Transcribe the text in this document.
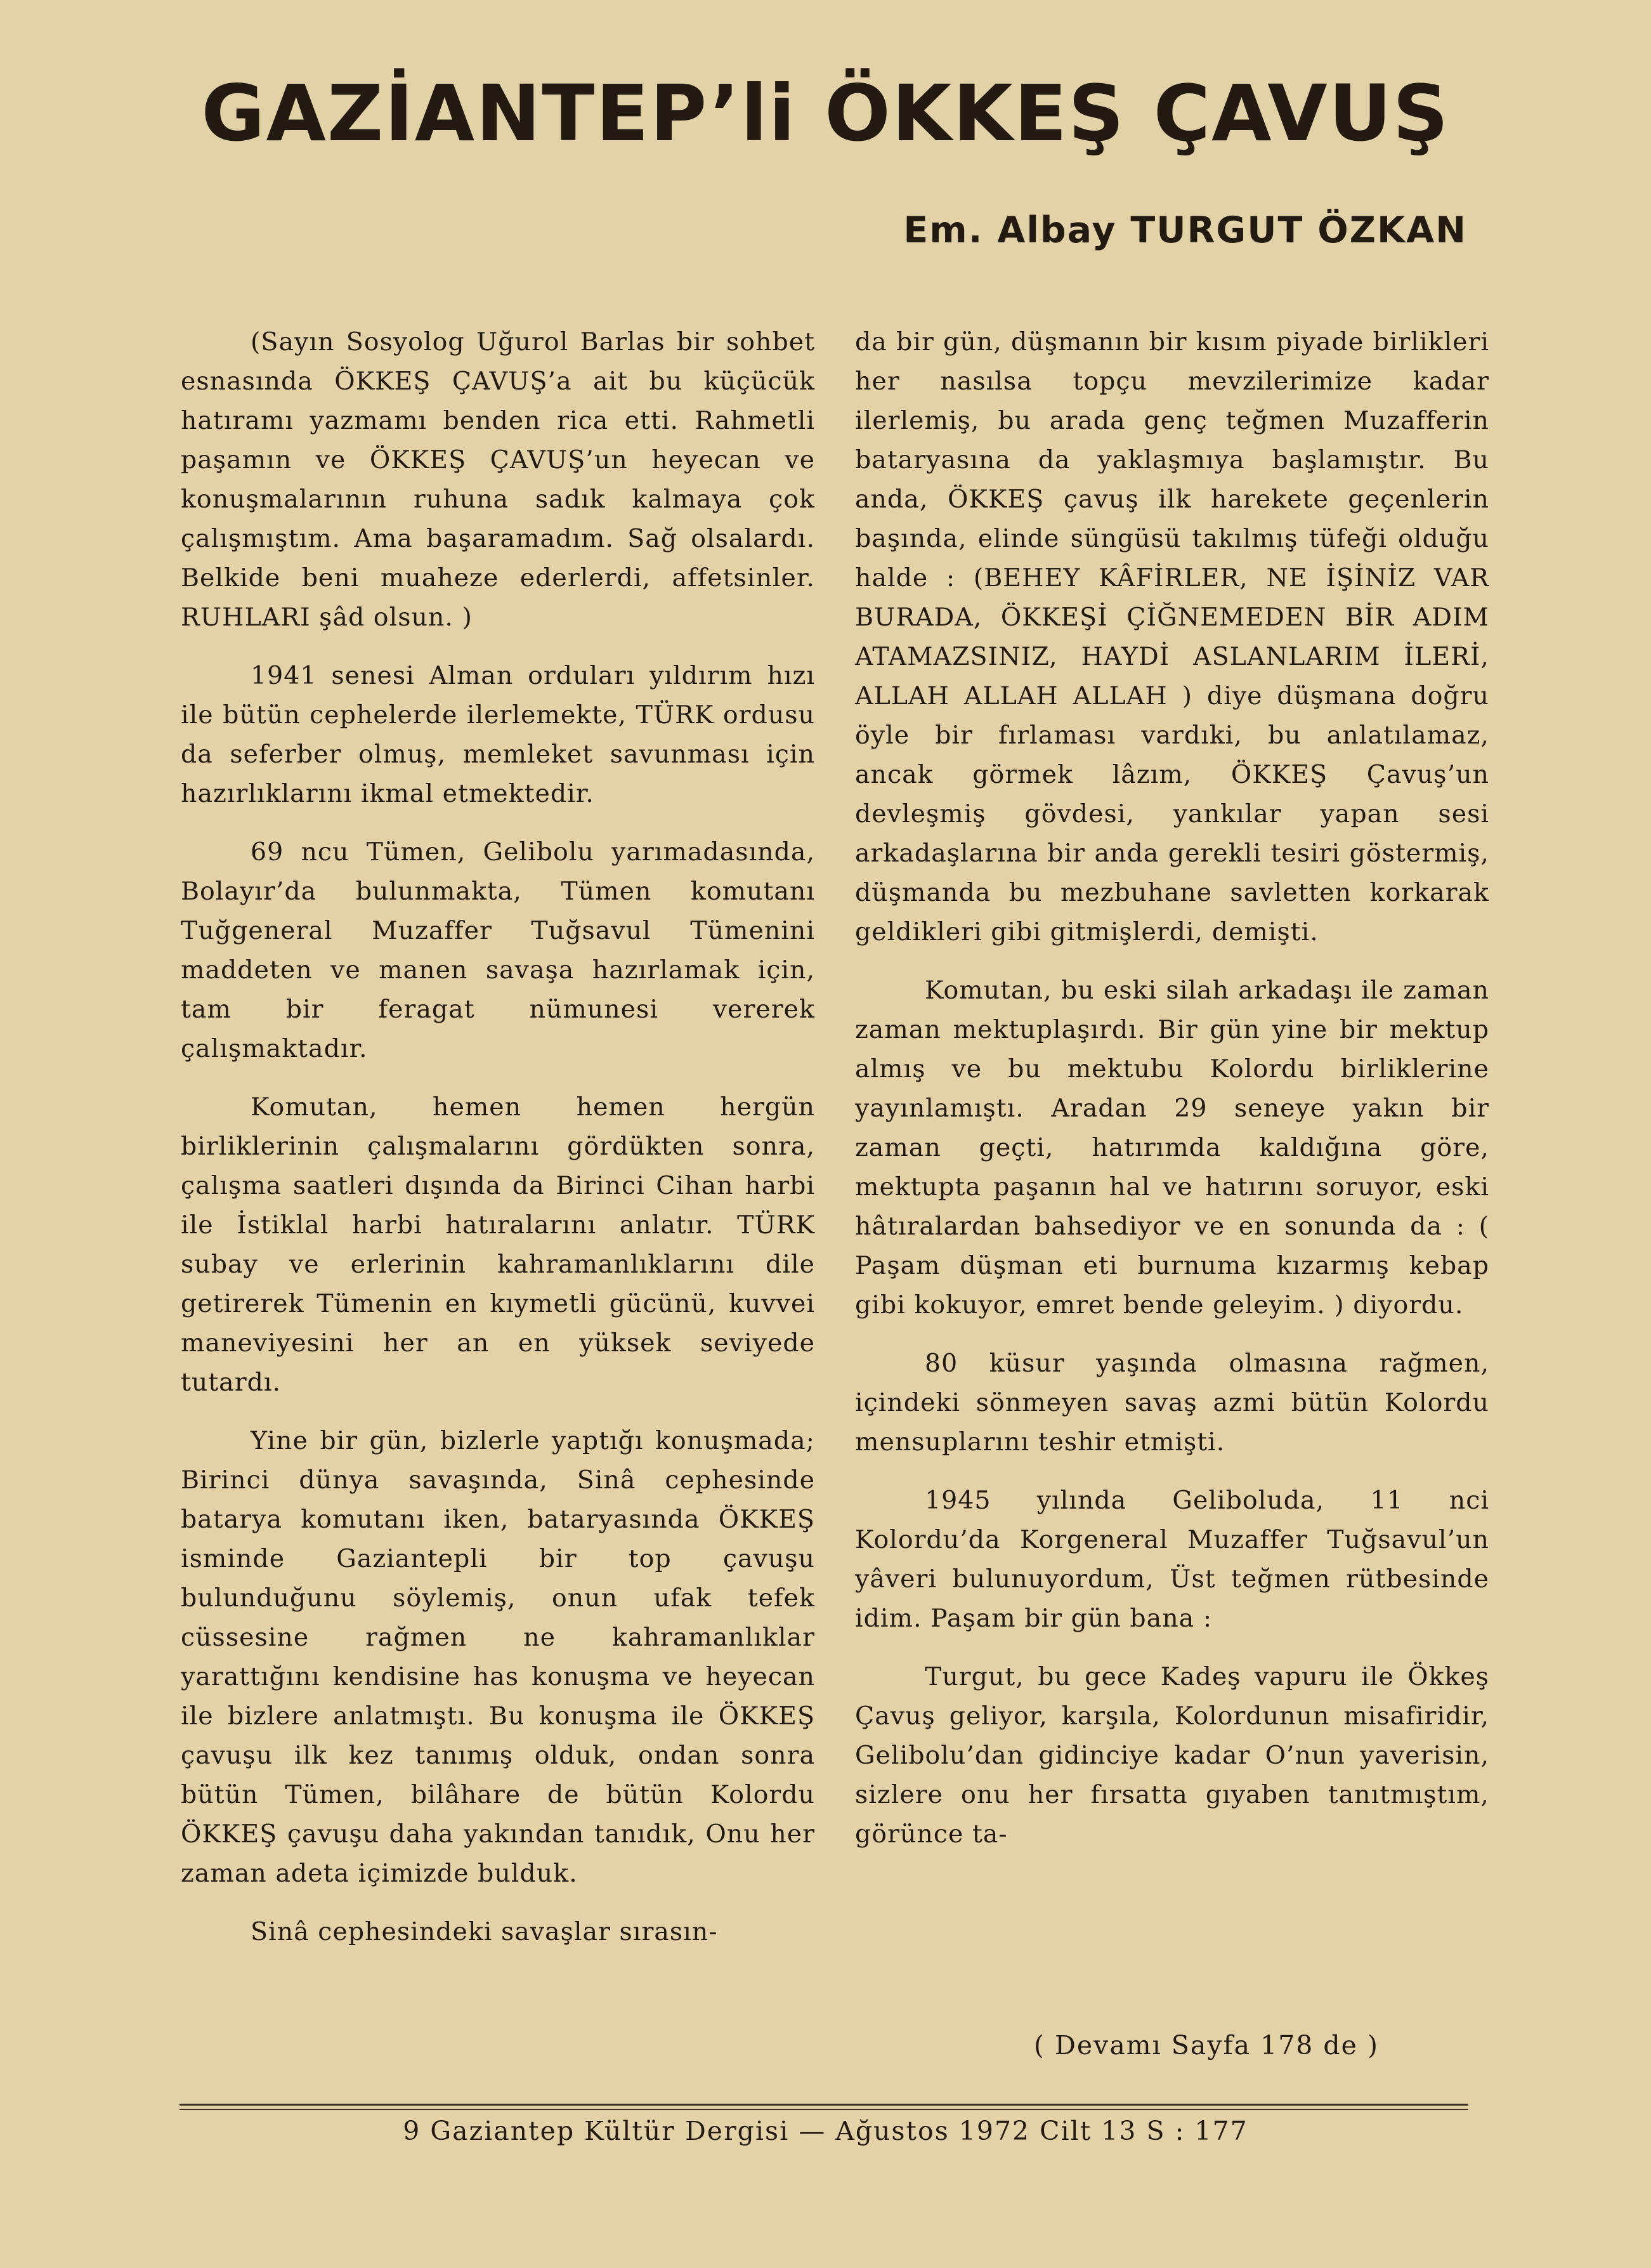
GAZİANTEP’li ÖKKEŞ ÇAVUŞ
Em. Albay TURGUT ÖZKAN

(Sayın Sosyolog Uğurol Barlas bir sohbet esnasında ÖKKEŞ ÇAVUŞ’a ait bu küçücük hatıramı yazmamı benden rica etti. Rahmetli paşamın ve ÖKKEŞ ÇAVUŞ’un heyecan ve konuşmalarının ruhuna sadık kalmaya çok çalışmıştım. Ama başaramadım. Sağ olsalardı. Belkide beni muaheze ederlerdi, affetsinler. RUHLARI şâd olsun. )

1941 senesi Alman orduları yıldırım hızı ile bütün cephelerde ilerlemekte, TÜRK ordusu da seferber olmuş, memleket savunması için hazırlıklarını ikmal etmektedir.

69 ncu Tümen, Gelibolu yarımadasında, Bolayır’da bulunmakta, Tümen komutanı Tuğgeneral Muzaffer Tuğsavul Tümenini maddeten ve manen savaşa hazırlamak için, tam bir feragat nümunesi vererek çalışmaktadır.

Komutan, hemen hemen hergün birliklerinin çalışmalarını gördükten sonra, çalışma saatleri dışında da Birinci Cihan harbi ile İstiklal harbi hatıralarını anlatır. TÜRK subay ve erlerinin kahramanlıklarını dile getirerek Tümenin en kıymetli gücünü, kuvvei maneviyesini her an en yüksek seviyede tutardı.

Yine bir gün, bizlerle yaptığı konuşmada; Birinci dünya savaşında, Sinâ cephesinde batarya komutanı iken, bataryasında ÖKKEŞ isminde Gaziantepli bir top çavuşu bulunduğunu söylemiş, onun ufak tefek cüssesine rağmen ne kahramanlıklar yarattığını kendisine has konuşma ve heyecan ile bizlere anlatmıştı. Bu konuşma ile ÖKKEŞ çavuşu ilk kez tanımış olduk, ondan sonra bütün Tümen, bilâhare de bütün Kolordu ÖKKEŞ çavuşu daha yakından tanıdık, Onu her zaman adeta içimizde bulduk.

Sinâ cephesindeki savaşlar sırasın-

da bir gün, düşmanın bir kısım piyade birlikleri her nasılsa topçu mevzilerimize kadar ilerlemiş, bu arada genç teğmen Muzafferin bataryasına da yaklaşmıya başlamıştır. Bu anda, ÖKKEŞ çavuş ilk harekete geçenlerin başında, elinde süngüsü takılmış tüfeği olduğu halde : (BEHEY KÂFİRLER, NE İŞİNİZ VAR BURADA, ÖKKEŞİ ÇİĞNEMEDEN BİR ADIM ATAMAZSINIZ, HAYDİ ASLANLARIM İLERİ, ALLAH ALLAH ALLAH ) diye düşmana doğru öyle bir fırlaması vardıki, bu anlatılamaz, ancak görmek lâzım, ÖKKEŞ Çavuş’un devleşmiş gövdesi, yankılar yapan sesi arkadaşlarına bir anda gerekli tesiri göstermiş, düşmanda bu mezbuhane savletten korkarak geldikleri gibi gitmişlerdi, demişti.

Komutan, bu eski silah arkadaşı ile zaman zaman mektuplaşırdı. Bir gün yine bir mektup almış ve bu mektubu Kolordu birliklerine yayınlamıştı. Aradan 29 seneye yakın bir zaman geçti, hatırımda kaldığına göre, mektupta paşanın hal ve hatırını soruyor, eski hâtıralardan bahsediyor ve en sonunda da : ( Paşam düşman eti burnuma kızarmış kebap gibi kokuyor, emret bende geleyim. ) diyordu.

80 küsur yaşında olmasına rağmen, içindeki sönmeyen savaş azmi bütün Kolordu mensuplarını teshir etmişti.

1945 yılında Geliboluda, 11 nci Kolordu’da Korgeneral Muzaffer Tuğsavul’un yâveri bulunuyordum, Üst teğmen rütbesinde idim. Paşam bir gün bana :

Turgut, bu gece Kadeş vapuru ile Ökkeş Çavuş geliyor, karşıla, Kolordunun misafiridir, Gelibolu’dan gidinciye kadar O’nun yaverisin, sizlere onu her fırsatta gıyaben tanıtmıştım, görünce ta-

( Devamı Sayfa 178 de )
9 Gaziantep Kültür Dergisi — Ağustos 1972 Cilt 13 S : 177
